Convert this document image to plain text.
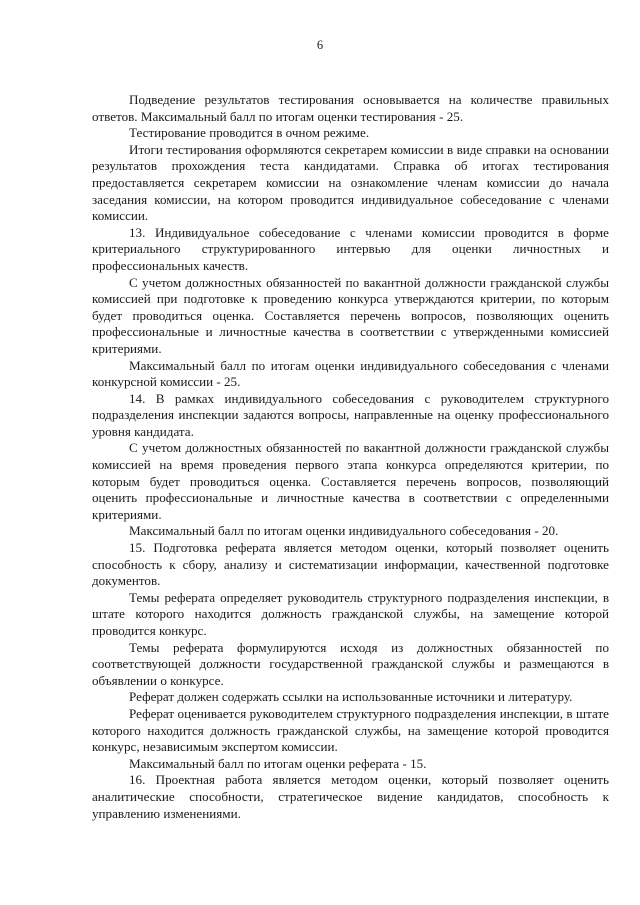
6

Подведение результатов тестирования основывается на количестве правильных ответов. Максимальный балл по итогам оценки тестирования - 25.

Тестирование проводится в очном режиме.

Итоги тестирования оформляются секретарем комиссии в виде справки на основании результатов прохождения теста кандидатами. Справка об итогах тестирования предоставляется секретарем комиссии на ознакомление членам комиссии до начала заседания комиссии, на котором проводится индивидуальное собеседование с членами комиссии.

13. Индивидуальное собеседование с членами комиссии проводится в форме критериального структурированного интервью для оценки личностных и профессиональных качеств.

С учетом должностных обязанностей по вакантной должности гражданской службы комиссией при подготовке к проведению конкурса утверждаются критерии, по которым будет проводиться оценка. Составляется перечень вопросов, позволяющих оценить профессиональные и личностные качества в соответствии с утвержденными комиссией критериями.

Максимальный балл по итогам оценки индивидуального собеседования с членами конкурсной комиссии - 25.

14. В рамках индивидуального собеседования с руководителем структурного подразделения инспекции задаются вопросы, направленные на оценку профессионального уровня кандидата.

С учетом должностных обязанностей по вакантной должности гражданской службы комиссией на время проведения первого этапа конкурса определяются критерии, по которым будет проводиться оценка. Составляется перечень вопросов, позволяющий оценить профессиональные и личностные качества в соответствии с определенными критериями.

Максимальный балл по итогам оценки индивидуального собеседования - 20.

15. Подготовка реферата является методом оценки, который позволяет оценить способность к сбору, анализу и систематизации информации, качественной подготовке документов.

Темы реферата определяет руководитель структурного подразделения инспекции, в штате которого находится должность гражданской службы, на замещение которой проводится конкурс.

Темы реферата формулируются исходя из должностных обязанностей по соответствующей должности государственной гражданской службы и размещаются в объявлении о конкурсе.

Реферат должен содержать ссылки на использованные источники и литературу.

Реферат оценивается руководителем структурного подразделения инспекции, в штате которого находится должность гражданской службы, на замещение которой проводится конкурс, независимым экспертом комиссии.

Максимальный балл по итогам оценки реферата - 15.

16. Проектная работа является методом оценки, который позволяет оценить аналитические способности, стратегическое видение кандидатов, способность к управлению изменениями.
